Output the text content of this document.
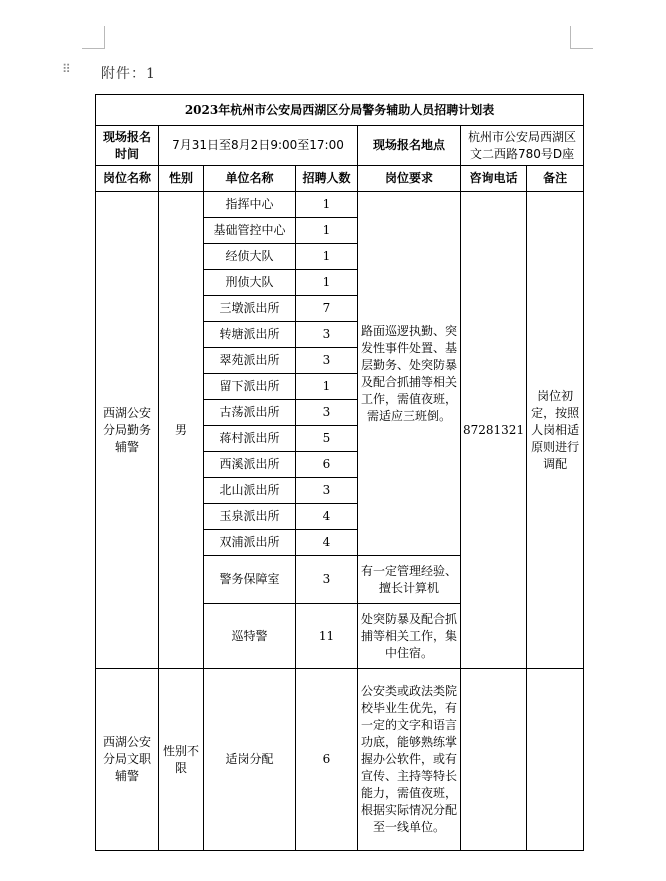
⠿ 附件：1
2023年杭州市公安局西湖区分局警务辅助人员招聘计划表						
现场报名时间	7月31日至8月2日9:00至17:00			现场报名地点	杭州市公安局西湖区文二西路780号D座	
岗位名称	性别	单位名称	招聘人数	岗位要求	咨询电话	备注
西湖公安分局勤务辅警	男	指挥中心	1	路面巡逻执勤、突发性事件处置、基层勤务、处突防暴及配合抓捕等相关工作，需值夜班，需适应三班倒。	87281321	岗位初定，按照人岗相适原则进行调配
		基础管控中心	1			
		经侦大队	1			
		刑侦大队	1			
		三墩派出所	7			
		转塘派出所	3			
		翠苑派出所	3			
		留下派出所	1			
		古荡派出所	3			
		蒋村派出所	5			
		西溪派出所	6			
		北山派出所	3			
		玉泉派出所	4			
		双浦派出所	4			
		警务保障室	3	有一定管理经验、擅长计算机		
		巡特警	11	处突防暴及配合抓捕等相关工作，集中住宿。		
西湖公安分局文职辅警	性别不限	适岗分配	6	公安类或政法类院校毕业生优先，有一定的文字和语言功底，能够熟练掌握办公软件，或有宣传、主持等特长能力，需值夜班，根据实际情况分配至一线单位。		
